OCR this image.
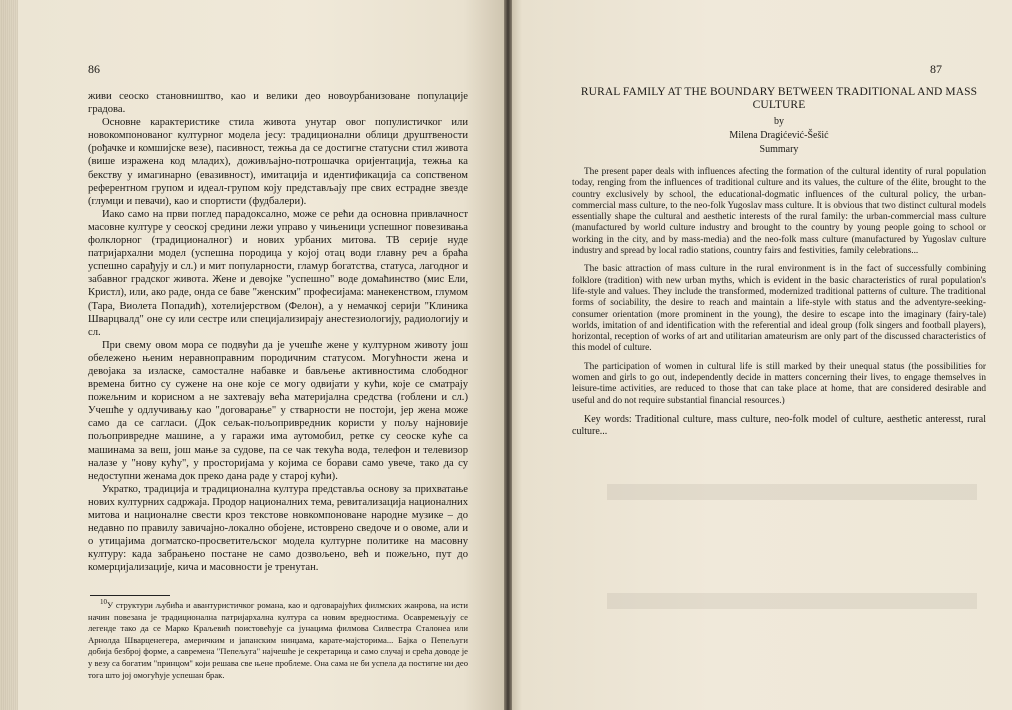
86

живи сеоско становништво, као и велики део новоурбанизоване популације градова.

Основне карактеристике стила живота унутар овог популистичког или новокомпонованог културног модела јесу: традиционални облици друштвености (рођачке и комшијске везе), пасивност, тежња да се достигне статусни стил живота (више изражена код младих), доживљајно-потрошачка оријентација, тежња ка бекству у имагинарно (евазивност), имитација и идентификација са сопственом референтном групом и идеал-групом коју представљају пре свих естрадне звезде (глумци и певачи), као и спортисти (фудбалери).

Иако само на први поглед парадоксално, може се рећи да основна привлачност масовне културе у сеоској средини лежи управо у чињеници успешног повезивања фолклорног (традиционалног) и нових урбаних митова. ТВ серије нуде патријархални модел (успешна породица у којој отац води главну реч а браћа успешно сарађују и сл.) и мит популарности, гламур богатства, статуса, лагодног и забавног градског живота. Жене и девојке "успешно" воде домаћинство (мис Ели, Кристл), или, ако раде, онда се баве "женским" професијама: манекенством, глумом (Тара, Виолета Попадић), хотелијерством (Фелон), а у немачкој серији "Клиника Шварцвалд" оне су или сестре или специјализирају анестезиологију, радиологију и сл.

При свему овом мора се подвући да је учешће жене у културном животу још обележено њеним неравноправним породичним статусом. Могућности жена и девојака за изласке, самосталне набавке и бављење активностима слободног времена битно су сужене на оне које се могу одвијати у кући, које се сматрају пожељним и корисном а не захтевају већа материјална средства (гоблени и сл.) Учешће у одлучивању као "договарање" у стварности не постоји, јер жена може само да се сагласи. (Док сељак-пољопривредник користи у пољу најновије пољопривредне машине, а у гаражи има аутомобил, ретке су сеоске куће са машинама за веш, још мање за судове, па се чак текућа вода, телефон и телевизор налазе у "нову кућу", у просторијама у којима се борави само увече, тако да су недоступни женама док преко дана раде у старој кући).

Укратко, традиција и традиционална култура представља основу за прихватање нових културних садржаја. Продор националних тема, ревитализација националних митова и националне свести кроз текстове новкомпоноване народне музике – до недавно по правилу завичајно-локално обојене, истоврено сведоче и о овоме, али и о утицајима догматско-просветитељског модела културне политике на масовну културу: када забрањено постане не само дозвољено, већ и пожељно, пут до комерцијализације, кича и масовности је тренутан.

$^{10}$У структури љубића и авантуристичког романа, као и одговарајућих филмских жанрова, на исти начин повезана је традиционална патријархална култура са новим вредностима. Осавремењују се легенде тако да се Марко Краљевић поистовећује са јунацима филмова Силвестра Сталонеа или Арнолда Шварценегера, америчким и јапанским нинџама, карате-мајсторима... Бајка о Пепељуги добија безброј форме, а савремена "Пепељуга" најчешће је секретарица и само случај и срећа доводе је у везу са богатим "принцом" који решава све њене проблеме. Она сама не би успела да постигне ни део тога што јој омогућује успешан брак.
87
RURAL FAMILY AT THE BOUNDARY BETWEEN TRADITIONAL AND MASS CULTURE
by
Milena Dragićević-Šešić
Summary

The present paper deals with influences afecting the formation of the cultural identity of rural population today, renging from the influences of traditional culture and its values, the culture of the élite, brought to the country exclusively by school, the educational-dogmatic influences of the cultural policy, the urban-commercial mass culture, to the neo-folk Yugoslav mass culture. It is obvious that two distinct cultural models essentially shape the cultural and aesthetic interests of the rural family: the urban-commercial mass culture (manufactured by world culture industry and brought to the country by young people going to school or working in the city, and by mass-media) and the neo-folk mass culture (manufactured by Yugoslav culture industry and spread by local radio stations, country fairs and festivities, family celebrations...

The basic attraction of mass culture in the rural environment is in the fact of successfully combining folklore (tradition) with new urban myths, which is evident in the basic characteristics of rural population's life-style and values. They include the transformed, modernized traditional patterns of culture. The traditional forms of sociability, the desire to reach and maintain a life-style with status and the adventyre-seeking-consumer orientation (more prominent in the young), the desire to escape into the imaginary (fairy-tale) worlds, imitation of and identification with the referential and ideal group (folk singers and football players), horizontal, reception of works of art and utilitarian amateurism are only part of the discussed characteristics of this model of culture.

The participation of women in cultural life is still marked by their unequal status (the possibilities for women and girls to go out, independently decide in matters concerning their lives, to engage themselves in leisure-time activities, are reduced to those that can take place at home, that are considered desirable and useful and do not require substantial financial resources.)

Key words: Traditional culture, mass culture, neo-folk model of culture, aesthetic anteresst, rural culture...
